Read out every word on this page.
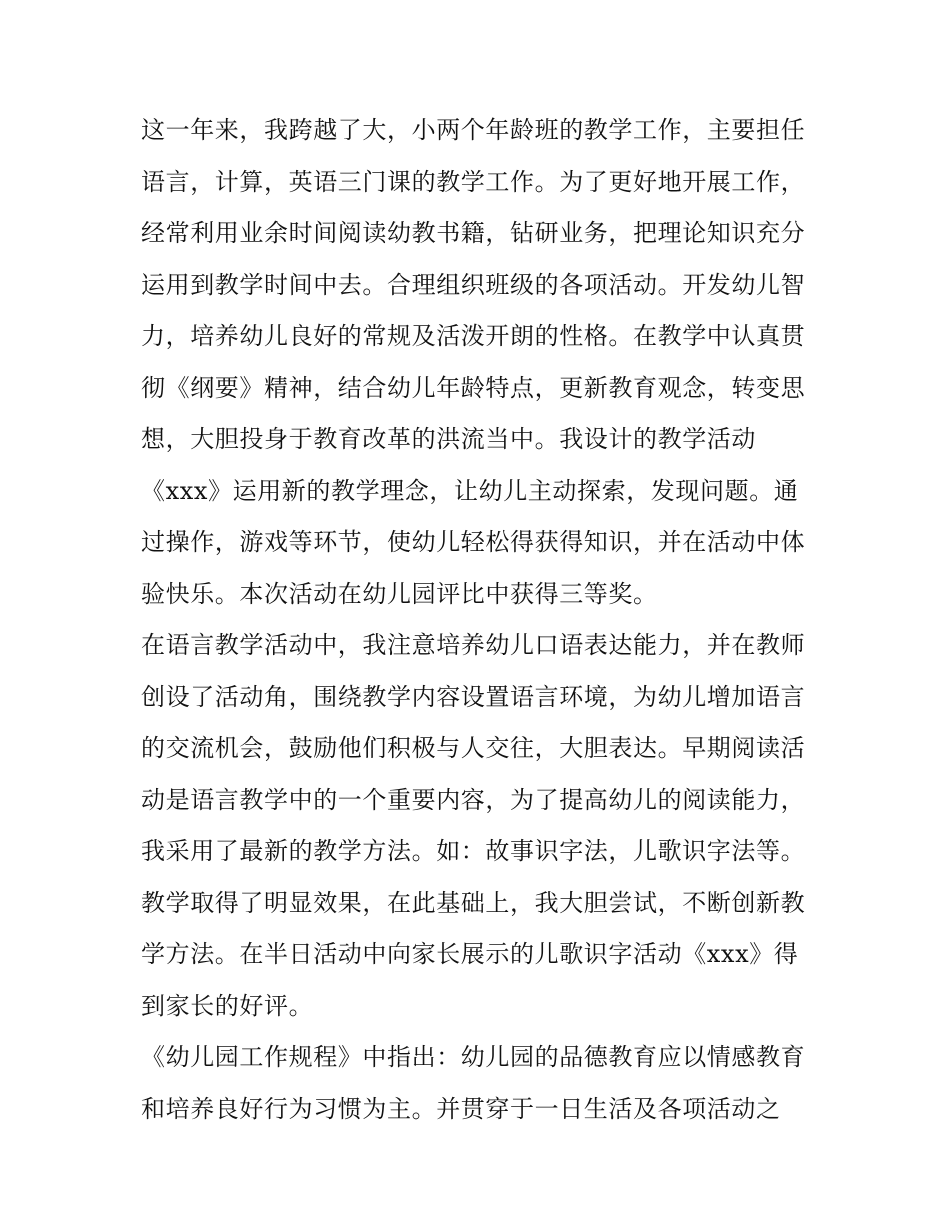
这一年来，我跨越了大，小两个年龄班的教学工作，主要担任
语言，计算，英语三门课的教学工作。为了更好地开展工作，
经常利用业余时间阅读幼教书籍，钻研业务，把理论知识充分
运用到教学时间中去。合理组织班级的各项活动。开发幼儿智
力，培养幼儿良好的常规及活泼开朗的性格。在教学中认真贯
彻《纲要》精神，结合幼儿年龄特点，更新教育观念，转变思
想，大胆投身于教育改革的洪流当中。我设计的教学活动
《xxx》运用新的教学理念，让幼儿主动探索，发现问题。通
过操作，游戏等环节，使幼儿轻松得获得知识，并在活动中体
验快乐。本次活动在幼儿园评比中获得三等奖。
在语言教学活动中，我注意培养幼儿口语表达能力，并在教师
创设了活动角，围绕教学内容设置语言环境，为幼儿增加语言
的交流机会，鼓励他们积极与人交往，大胆表达。早期阅读活
动是语言教学中的一个重要内容，为了提高幼儿的阅读能力，
我采用了最新的教学方法。如：故事识字法，儿歌识字法等。
教学取得了明显效果，在此基础上，我大胆尝试，不断创新教
学方法。在半日活动中向家长展示的儿歌识字活动《xxx》得
到家长的好评。
《幼儿园工作规程》中指出：幼儿园的品德教育应以情感教育
和培养良好行为习惯为主。并贯穿于一日生活及各项活动之
